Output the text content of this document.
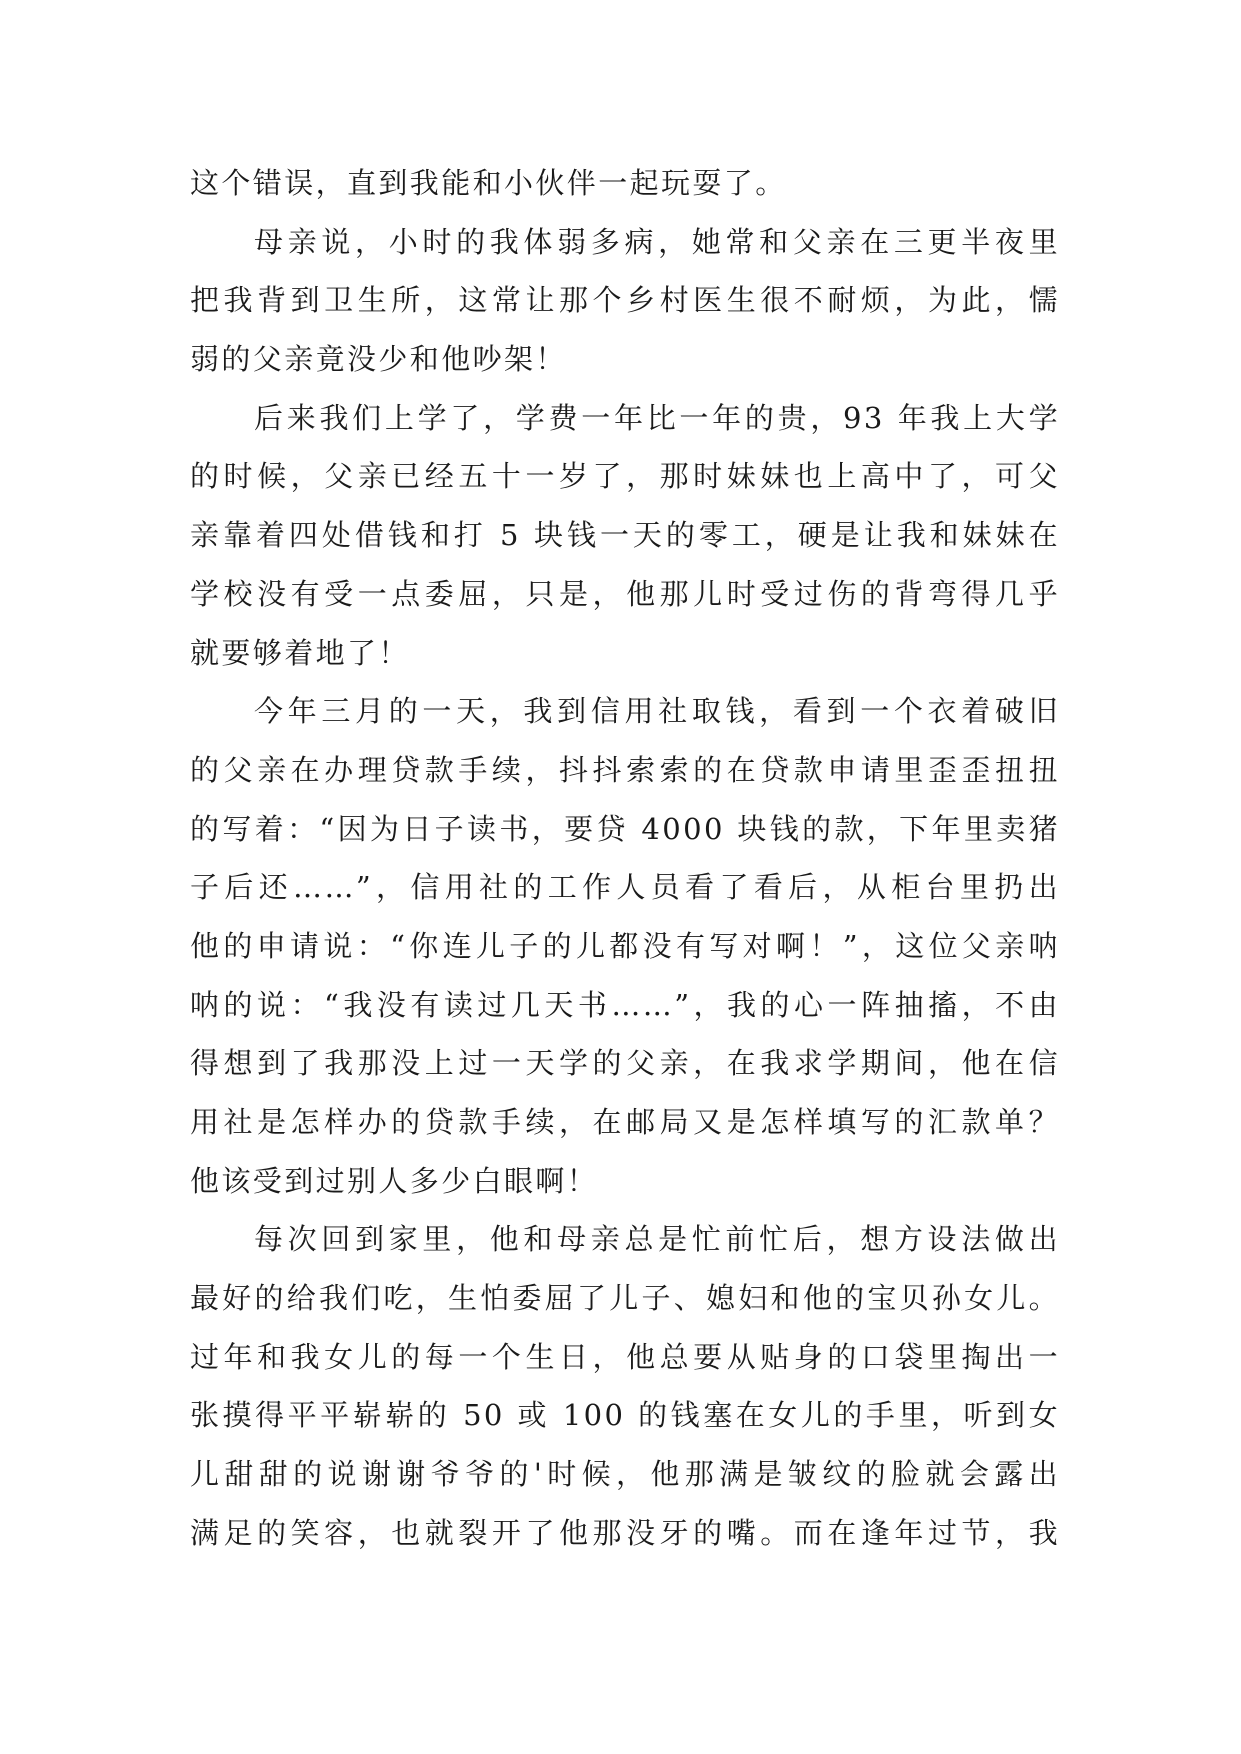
这个错误，直到我能和小伙伴一起玩耍了。
母亲说，小时的我体弱多病，她常和父亲在三更半夜里
把我背到卫生所，这常让那个乡村医生很不耐烦，为此，懦
弱的父亲竟没少和他吵架！
后来我们上学了，学费一年比一年的贵，93 年我上大学
的时候，父亲已经五十一岁了，那时妹妹也上高中了，可父
亲靠着四处借钱和打 5 块钱一天的零工，硬是让我和妹妹在
学校没有受一点委屈，只是，他那儿时受过伤的背弯得几乎
就要够着地了！
今年三月的一天，我到信用社取钱，看到一个衣着破旧
的父亲在办理贷款手续，抖抖索索的在贷款申请里歪歪扭扭
的写着：“因为日子读书，要贷 4000 块钱的款，下年里卖猪
子后还……”，信用社的工作人员看了看后，从柜台里扔出
他的申请说：“你连儿子的儿都没有写对啊！”，这位父亲呐
呐的说：“我没有读过几天书……”，我的心一阵抽搐，不由
得想到了我那没上过一天学的父亲，在我求学期间，他在信
用社是怎样办的贷款手续，在邮局又是怎样填写的汇款单？
他该受到过别人多少白眼啊！
每次回到家里，他和母亲总是忙前忙后，想方设法做出
最好的给我们吃，生怕委屈了儿子、媳妇和他的宝贝孙女儿。
过年和我女儿的每一个生日，他总要从贴身的口袋里掏出一
张摸得平平崭崭的 50 或 100 的钱塞在女儿的手里，听到女
儿甜甜的说谢谢爷爷的'时候，他那满是皱纹的脸就会露出
满足的笑容，也就裂开了他那没牙的嘴。而在逢年过节，我
